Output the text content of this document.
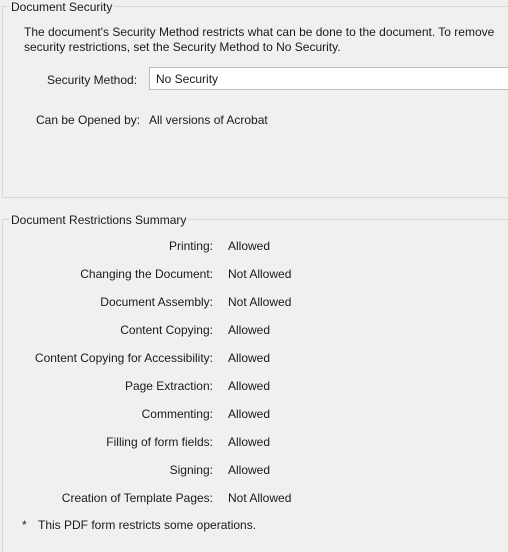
Document Security
The document's Security Method restricts what can be done to the document. To remove security restrictions, set the Security Method to No Security.
Security Method:	No Security
Can be Opened by: All versions of Acrobat
Document Restrictions Summary
Printing: Allowed
Changing the Document: Not Allowed
Document Assembly: Not Allowed
Content Copying: Allowed
Content Copying for Accessibility: Allowed
Page Extraction: Allowed
Commenting: Allowed
Filling of form fields: Allowed
Signing: Allowed
Creation of Template Pages: Not Allowed
* This PDF form restricts some operations.
